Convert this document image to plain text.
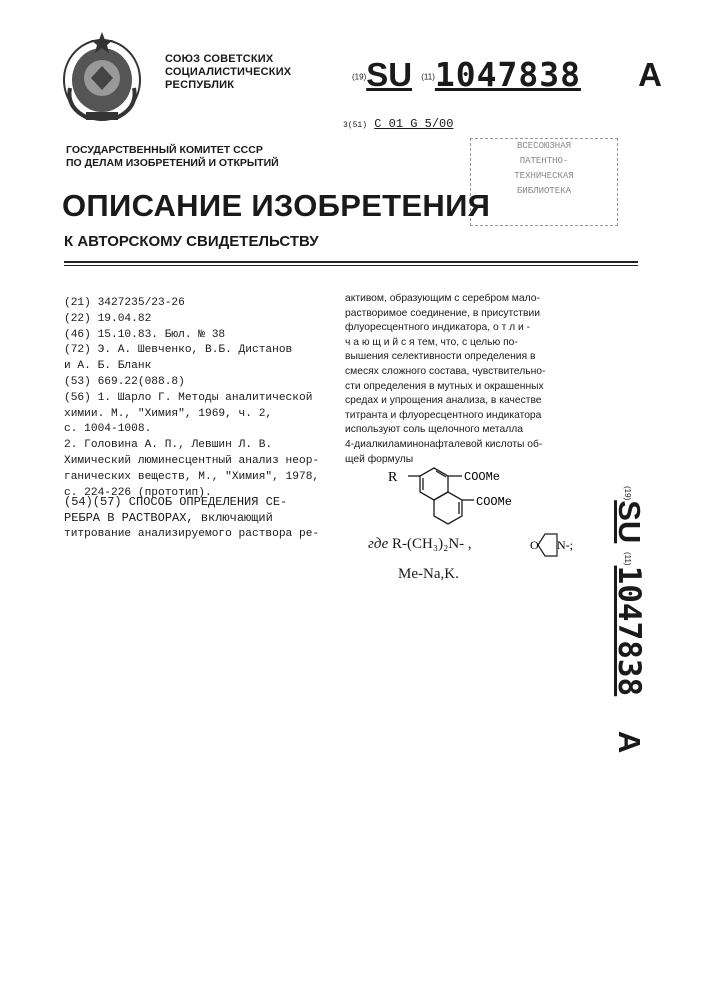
СОЮЗ СОВЕТСКИХ
СОЦИАЛИСТИЧЕСКИХ
РЕСПУБЛИК
(19)SU (11)1047838 A
3(51) C 01 G 5/00
ВСЕСОЮЗНАЯ
ПАТЕНТНО-
ТЕХНИЧЕСКАЯ
БИБЛИОТЕКА
ГОСУДАРСТВЕННЫЙ КОМИТЕТ СССР
ПО ДЕЛАМ ИЗОБРЕТЕНИЙ И ОТКРЫТИЙ
ОПИСАНИЕ ИЗОБРЕТЕНИЯ
К АВТОРСКОМУ СВИДЕТЕЛЬСТВУ
(21) 3427235/23-26
(22) 19.04.82
(46) 15.10.83. Бюл. № 38
(72) Э. А. Шевченко, В.Б. Дистанов
и А. Б. Бланк
(53) 669.22(088.8)
(56) 1. Шарло Г. Методы аналитической
химии. М., "Химия", 1969, ч. 2,
с. 1004-1008.
2. Головина А. П., Левшин Л. В.
Химический люминесцентный анализ неор-
ганических веществ, М., "Химия", 1978,
с. 224-226 (прототип).
(54)(57) СПОСОБ ОПРЕДЕЛЕНИЯ СЕ-
РЕБРА В РАСТВОРАХ, включающий
титрование анализируемого раствора ре-
активом, образующим с серебром мало-
растворимое соединение, в присутствии
флуоресцентного индикатора, о т л и -
ч а ю щ и й с я тем, что, с целью по-
вышения селективности определения в
смесях сложного состава, чувствительно-
сти определения в мутных и окрашенных
средах и упрощения анализа, в качестве
титранта и флуоресцентного индикатора
используют соль щелочного металла
4-диалкиламинонафталевой кислоты об-
щей формулы
R	COOMe
COOMe
где R-(CH₃)₂N- ,	O N-;
Me-Na,K.
(19)SU (11)1047838 A
